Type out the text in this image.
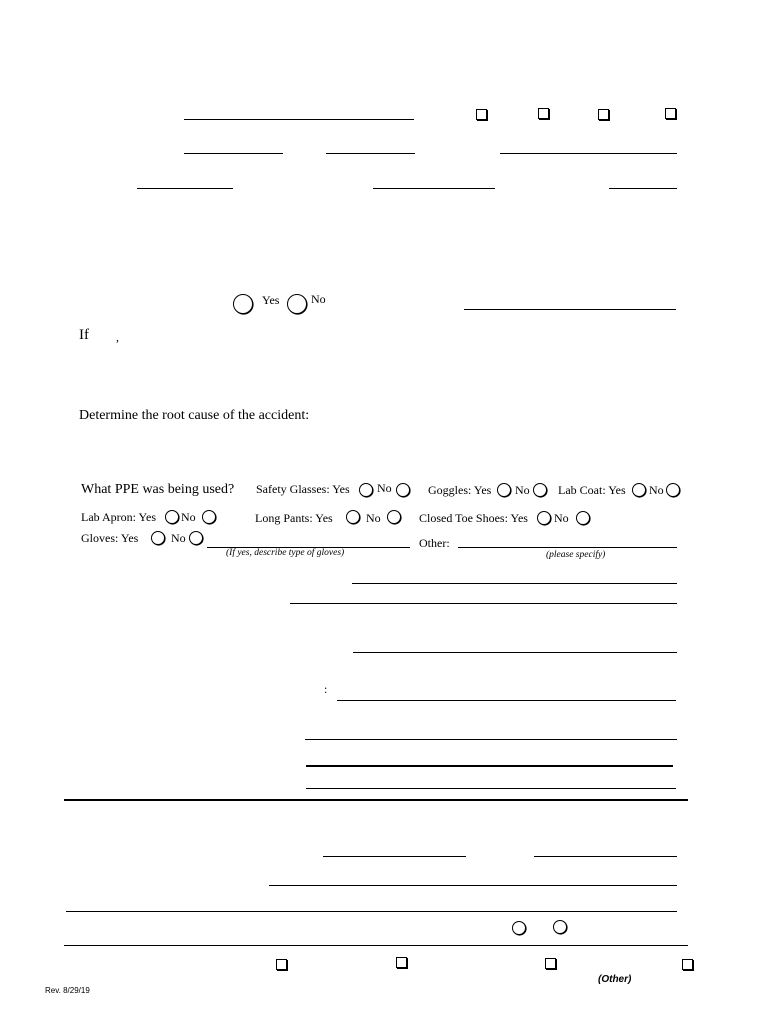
Yes	No
If ,
Determine the root cause of the accident:
What PPE was being used? Safety Glasses: Yes No	Goggles: Yes No Lab Coat: Yes No
Lab Apron: Yes No	Long Pants: Yes	No	Closed Toe Shoes: Yes No
Gloves: Yes	No
(If yes, describe type of gloves)
Other:
(please specify)
:
(Other)
Rev. 8/29/19
